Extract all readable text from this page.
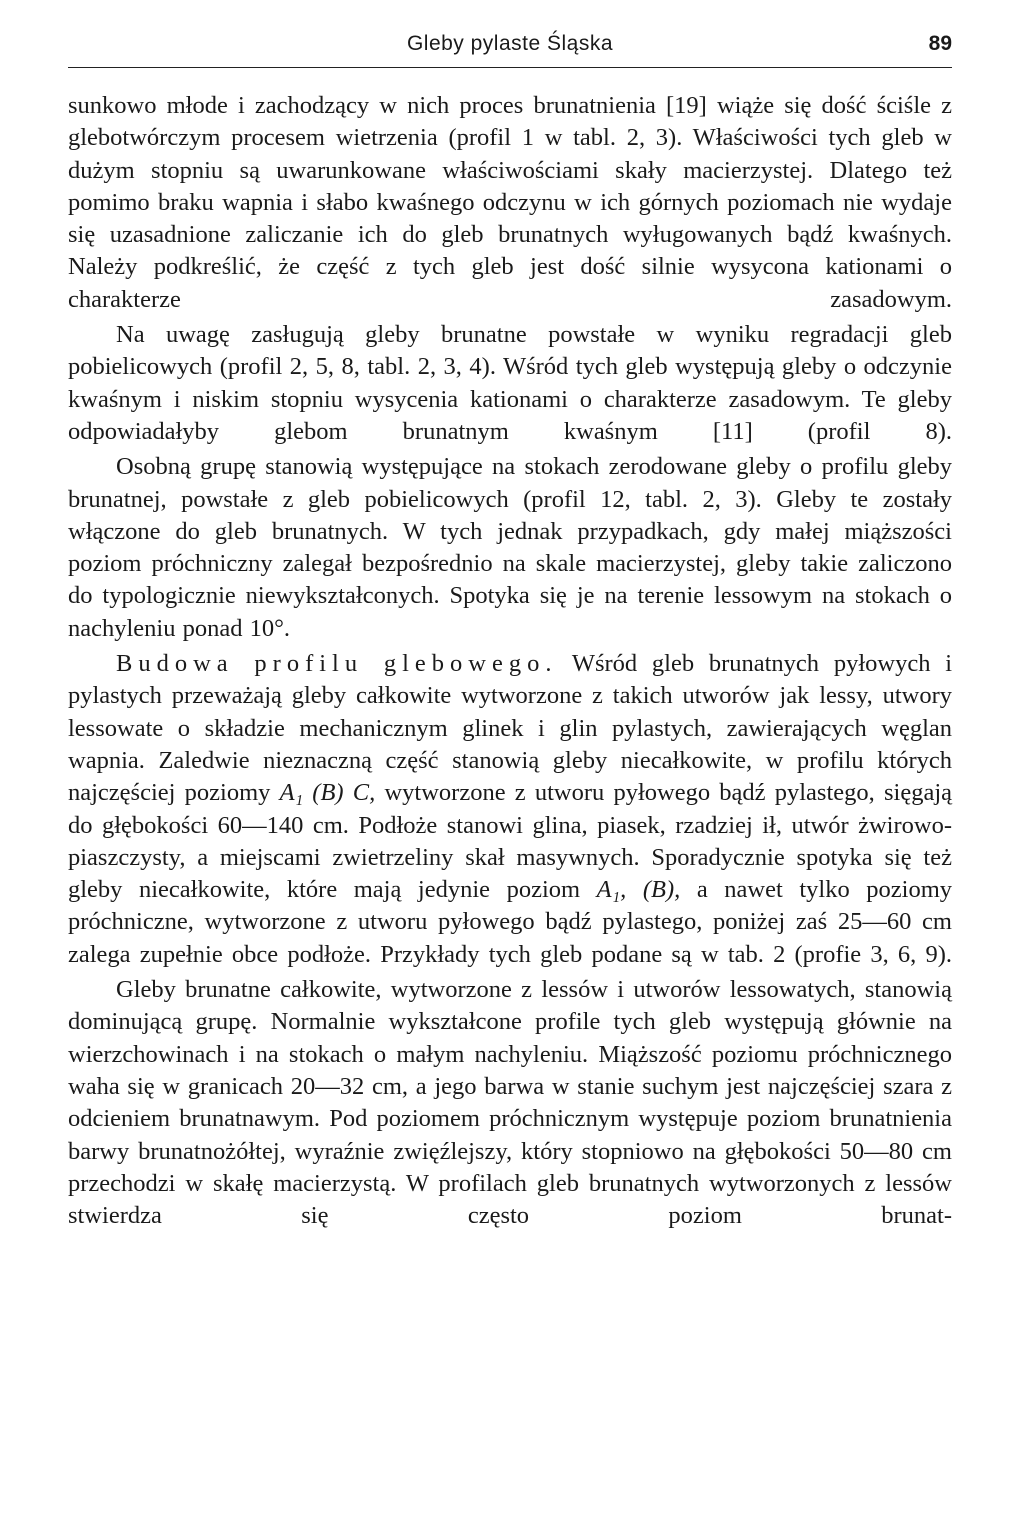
Gleby pylaste Śląska	89

sunkowo młode i zachodzący w nich proces brunatnienia [19] wiąże się dość ściśle z glebotwórczym procesem wietrzenia (profil 1 w tabl. 2, 3). Właściwości tych gleb w dużym stopniu są uwarunkowane właściwościami skały macierzystej. Dlatego też pomimo braku wapnia i słabo kwaśnego odczynu w ich górnych poziomach nie wydaje się uzasadnione zaliczanie ich do gleb brunatnych wyługowanych bądź kwaśnych. Należy podkreślić, że część z tych gleb jest dość silnie wysycona kationami o charakterze zasadowym.

Na uwagę zasługują gleby brunatne powstałe w wyniku regradacji gleb pobielicowych (profil 2, 5, 8, tabl. 2, 3, 4). Wśród tych gleb występują gleby o odczynie kwaśnym i niskim stopniu wysycenia kationami o charakterze zasadowym. Te gleby odpowiadałyby glebom brunatnym kwaśnym [11] (profil 8).

Osobną grupę stanowią występujące na stokach zerodowane gleby o profilu gleby brunatnej, powstałe z gleb pobielicowych (profil 12, tabl. 2, 3). Gleby te zostały włączone do gleb brunatnych. W tych jednak przypadkach, gdy małej miąższości poziom próchniczny zalegał bezpośrednio na skale macierzystej, gleby takie zaliczono do typologicznie niewykształconych. Spotyka się je na terenie lessowym na stokach o nachyleniu ponad 10°.

Budowa profilu glebowego. Wśród gleb brunatnych pyłowych i pylastych przeważają gleby całkowite wytworzone z takich utworów jak lessy, utwory lessowate o składzie mechanicznym glinek i glin pylastych, zawierających węglan wapnia. Zaledwie nieznaczną część stanowią gleby niecałkowite, w profilu których najczęściej poziomy A₁ (B) C, wytworzone z utworu pyłowego bądź pylastego, sięgają do głębokości 60—140 cm. Podłoże stanowi glina, piasek, rzadziej ił, utwór żwirowo-piaszczysty, a miejscami zwietrzeliny skał masywnych. Sporadycznie spotyka się też gleby niecałkowite, które mają jedynie poziom A₁, (B), a nawet tylko poziomy próchniczne, wytworzone z utworu pyłowego bądź pylastego, poniżej zaś 25—60 cm zalega zupełnie obce podłoże. Przykłady tych gleb podane są w tab. 2 (profie 3, 6, 9).

Gleby brunatne całkowite, wytworzone z lessów i utworów lessowatych, stanowią dominującą grupę. Normalnie wykształcone profile tych gleb występują głównie na wierzchowinach i na stokach o małym nachyleniu. Miąższość poziomu próchnicznego waha się w granicach 20—32 cm, a jego barwa w stanie suchym jest najczęściej szara z odcieniem brunatnawym. Pod poziomem próchnicznym występuje poziom brunatnienia barwy brunatnożółtej, wyraźnie zwięźlejszy, który stopniowo na głębokości 50—80 cm przechodzi w skałę macierzystą. W profilach gleb brunatnych wytworzonych z lessów stwierdza się często poziom brunat-
